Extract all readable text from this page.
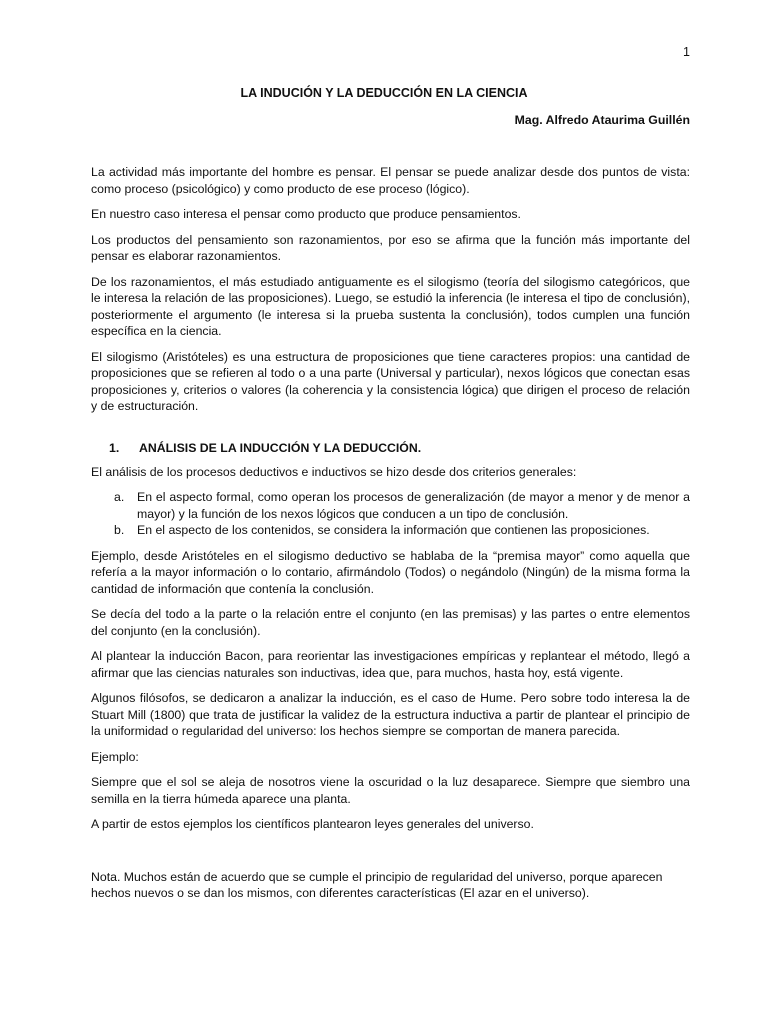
1
LA INDUCIÓN Y LA DEDUCCIÓN EN LA CIENCIA
Mag. Alfredo Ataurima Guillén

La actividad más importante del hombre es pensar. El pensar se puede analizar desde dos puntos de vista: como proceso (psicológico) y como producto de ese proceso (lógico).

En nuestro caso interesa el pensar como producto que produce pensamientos.

Los productos del pensamiento son razonamientos, por eso se afirma que la función más importante del pensar es elaborar razonamientos.

De los razonamientos, el más estudiado antiguamente es el silogismo (teoría del silogismo categóricos, que le interesa la relación de las proposiciones). Luego, se estudió la inferencia (le interesa el tipo de conclusión), posteriormente el argumento (le interesa si la prueba sustenta la conclusión), todos cumplen una función específica en la ciencia.

El silogismo (Aristóteles) es una estructura de proposiciones que tiene caracteres propios: una cantidad de proposiciones que se refieren al todo o a una parte (Universal y particular), nexos lógicos que conectan esas proposiciones y, criterios o valores (la coherencia y la consistencia lógica) que dirigen el proceso de relación y de estructuración.

1.	ANÁLISIS DE LA INDUCCIÓN Y LA DEDUCCIÓN.

El análisis de los procesos deductivos e inductivos se hizo desde dos criterios generales:

a.	En el aspecto formal, como operan los procesos de generalización (de mayor a menor y de menor a mayor) y la función de los nexos lógicos que conducen a un tipo de conclusión.
b.	En el aspecto de los contenidos, se considera la información que contienen las proposiciones.

Ejemplo, desde Aristóteles en el silogismo deductivo se hablaba de la “premisa mayor” como aquella que refería a la mayor información o lo contario, afirmándolo (Todos) o negándolo (Ningún) de la misma forma la cantidad de información que contenía la conclusión.

Se decía del todo a la parte o la relación entre el conjunto (en las premisas) y las partes o entre elementos del conjunto (en la conclusión).

Al plantear la inducción Bacon, para reorientar las investigaciones empíricas y replantear el método, llegó a afirmar que las ciencias naturales son inductivas, idea que, para muchos, hasta hoy, está vigente.

Algunos filósofos, se dedicaron a analizar la inducción, es el caso de Hume. Pero sobre todo interesa la de Stuart Mill (1800) que trata de justificar la validez de la estructura inductiva a partir de plantear el principio de la uniformidad o regularidad del universo: los hechos siempre se comportan de manera parecida.

Ejemplo:

Siempre que el sol se aleja de nosotros viene la oscuridad o la luz desaparece. Siempre que siembro una semilla en la tierra húmeda aparece una planta.

A partir de estos ejemplos los científicos plantearon leyes generales del universo.

Nota. Muchos están de acuerdo que se cumple el principio de regularidad del universo, porque aparecen hechos nuevos o se dan los mismos, con diferentes características (El azar en el universo).
